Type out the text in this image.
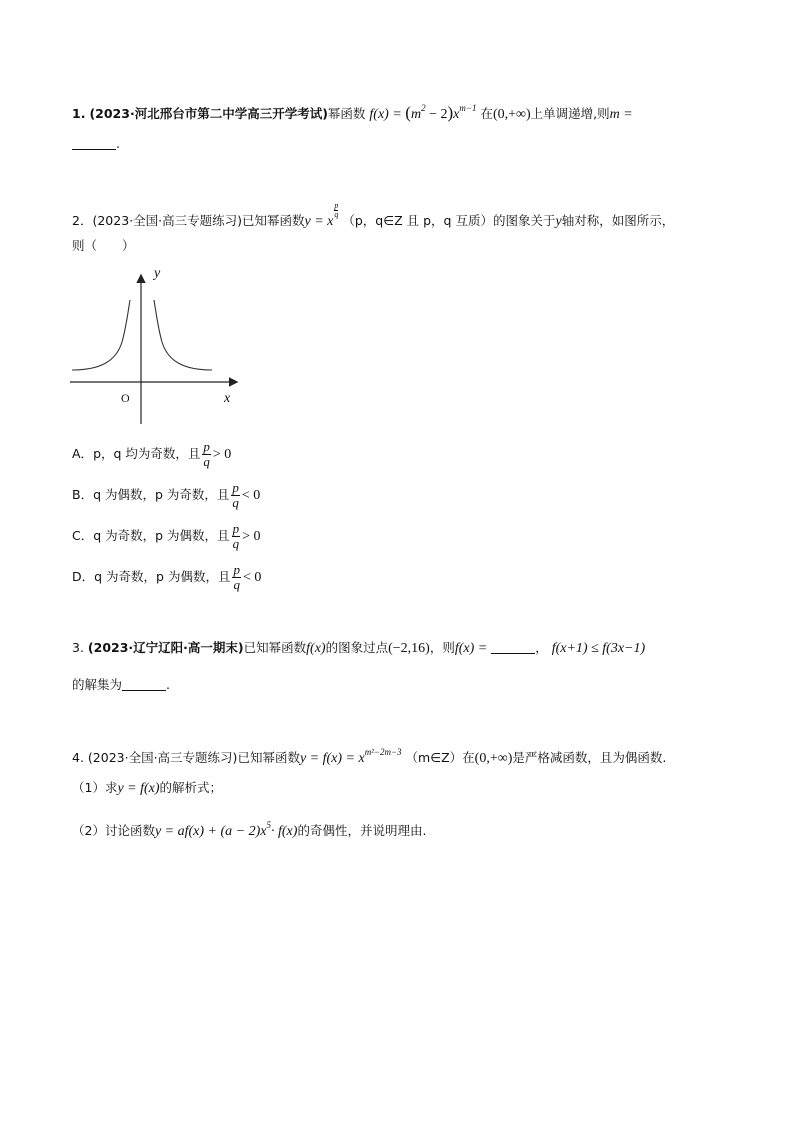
1. (2023·河北邢台市第二中学高三开学考试)幂函数 $f(x) = (m^2 - 2)x^{m-1}$ 在(0,+∞)上单调递增,则m =
.
2．(2023·全国·高三专题练习)已知幂函数y = x
$\frac{p}{q} (p$，q∈Z 且 p，q 互质）的图象关于y轴对称，如图所示，
则（　　）
y
x
O
A．p，q 均为奇数，且 $\frac{p}{q} > 0$
B．q 为偶数，p 为奇数，且 $\frac{p}{q} < 0$
C．q 为奇数，p 为偶数，且 $\frac{p}{q} > 0$
D．q 为奇数，p 为偶数，且 $\frac{p}{q} < 0$
3. (2023·辽宁辽阳·高一期末)已知幂函数f(x)的图象过点(−2,16)，则f(x) =	， f(x+1) ≤ f(3x−1)
的解集为	.
4. (2023·全国·高三专题练习)已知幂函数$y = f(x) = x^{m^2-2m-3}$ （m∈Z）在(0,+∞)是严格减函数，且为偶函数.
（1）求y = f(x)的解析式；
（2）讨论函数$y = af(x) + (a - 2)x^5\cdot f(x)$的奇偶性，并说明理由.
